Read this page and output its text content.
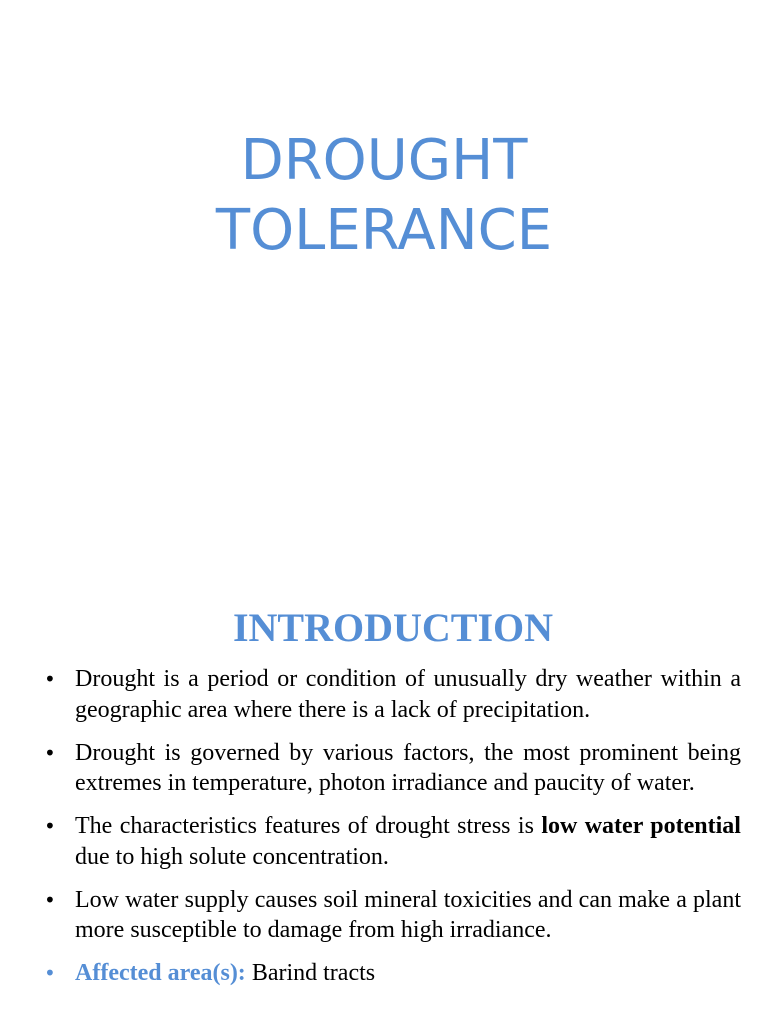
DROUGHT
TOLERANCE
INTRODUCTION
• Drought is a period or condition of unusually dry weather within a geographic area where there is a lack of precipitation.
• Drought is governed by various factors, the most prominent being extremes in temperature, photon irradiance and paucity of water.
• The characteristics features of drought stress is low water potential due to high solute concentration.
• Low water supply causes soil mineral toxicities and can make a plant more susceptible to damage from high irradiance.
• Affected area(s): Barind tracts
